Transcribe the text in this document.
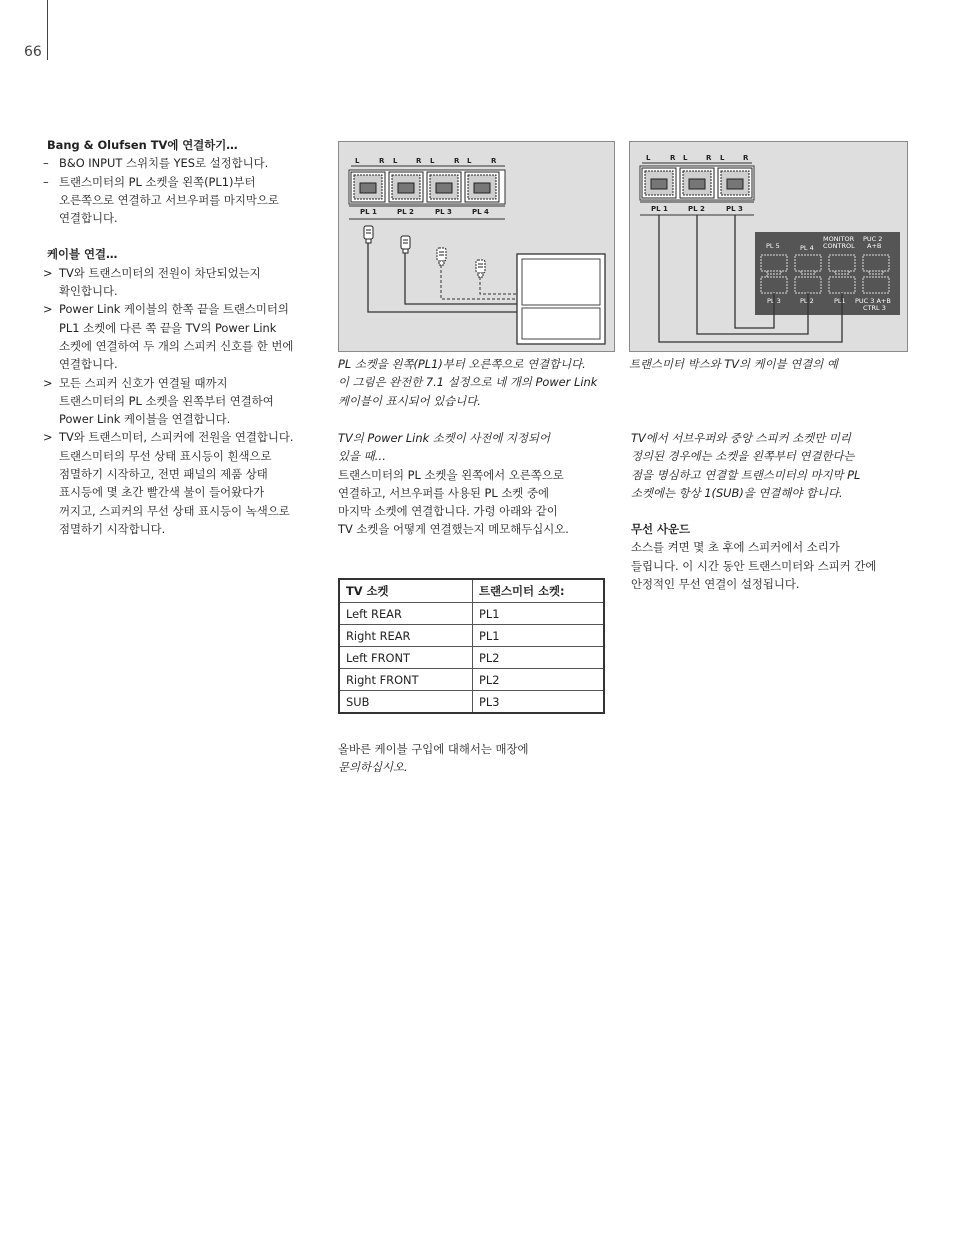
66
Bang & Olufsen TV에 연결하기…
– B&O INPUT 스위치를 YES로 설정합니다.
– 트랜스미터의 PL 소켓을 왼쪽(PL1)부터
오른쪽으로 연결하고 서브우퍼를 마지막으로
연결합니다.
케이블 연결…
> TV와 트랜스미터의 전원이 차단되었는지
확인합니다.
> Power Link 케이블의 한쪽 끝을 트랜스미터의
PL1 소켓에 다른 쪽 끝을 TV의 Power Link
소켓에 연결하여 두 개의 스피커 신호를 한 번에
연결합니다.
> 모든 스피커 신호가 연결될 때까지
트랜스미터의 PL 소켓을 왼쪽부터 연결하여
Power Link 케이블을 연결합니다.
> TV와 트랜스미터, 스피커에 전원을 연결합니다.
트랜스미터의 무선 상태 표시등이 흰색으로
점멸하기 시작하고, 전면 패널의 제품 상태
표시등에 몇 초간 빨간색 불이 들어왔다가
꺼지고, 스피커의 무선 상태 표시등이 녹색으로
점멸하기 시작합니다.
L	R L	R L	R L	R
PL 1	PL 2	PL 3	PL 4
PL 소켓을 왼쪽(PL1)부터 오른쪽으로 연결합니다.
이 그림은 완전한 7.1 설정으로 네 개의 Power Link
케이블이 표시되어 있습니다.
L	R L	R L	R
PL 1	PL 2	PL 3
PL 5	PL 4
MONITOR
CONTROL
PUC 2
A+B
PL 3	PL 2	PL1 PUC 3 A+B
CTRL 3
트랜스미터 박스와 TV의 케이블 연결의 예
TV의 Power Link 소켓이 사전에 지정되어
있을 때…
트랜스미터의 PL 소켓을 왼쪽에서 오른쪽으로
연결하고, 서브우퍼를 사용된 PL 소켓 중에
마지막 소켓에 연결합니다. 가령 아래와 같이
TV 소켓을 어떻게 연결했는지 메모해두십시오.
TV 소켓	트랜스미터 소켓:
Left REAR	PL1
Right REAR	PL1
Left FRONT	PL2
Right FRONT	PL2
SUB	PL3
올바른 케이블 구입에 대해서는 매장에
문의하십시오.
TV에서 서브우퍼와 중앙 스피커 소켓만 미리
정의된 경우에는 소켓을 왼쪽부터 연결한다는
점을 명심하고 연결할 트랜스미터의 마지막 PL
소켓에는 항상 1(SUB)을 연결해야 합니다.
무선 사운드
소스를 켜면 몇 초 후에 스피커에서 소리가
들립니다. 이 시간 동안 트랜스미터와 스피커 간에
안정적인 무선 연결이 설정됩니다.
